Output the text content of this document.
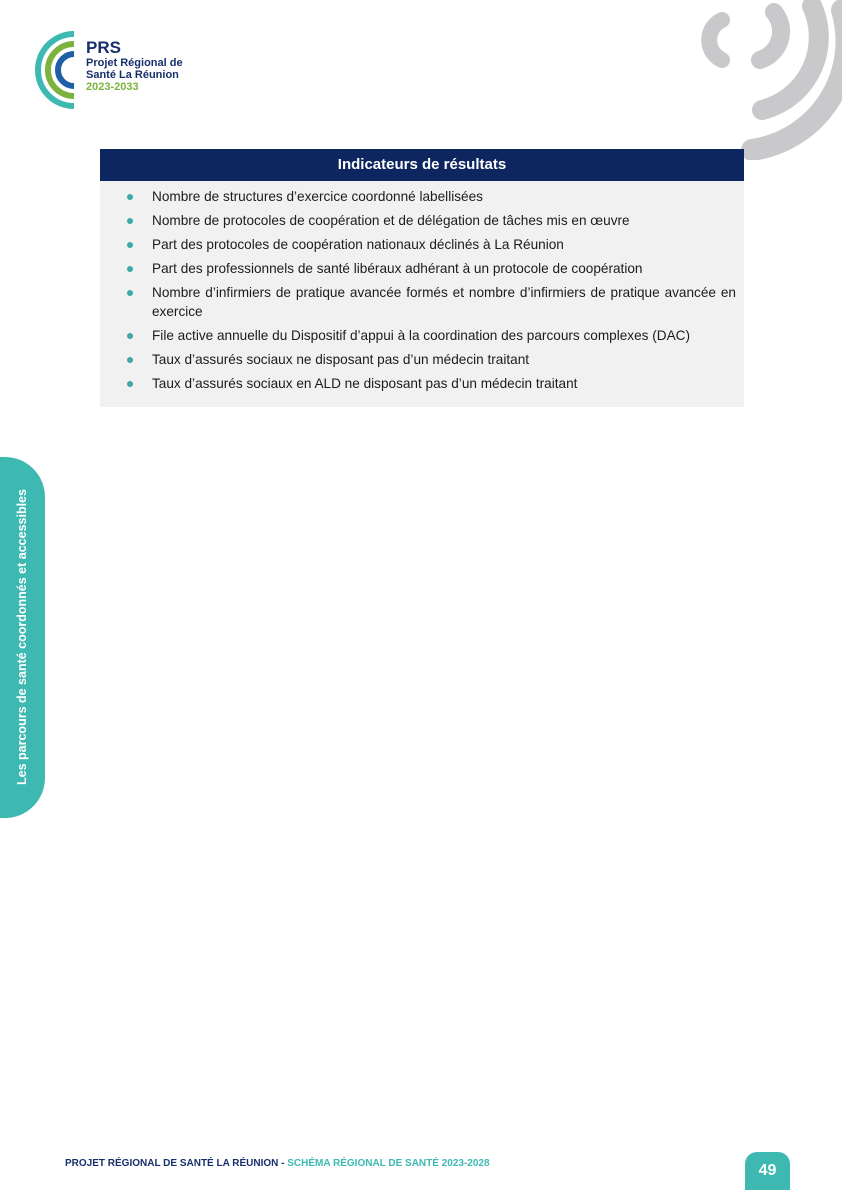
PRS
Projet Régional de
Santé La Réunion
2023-2033
Les parcours de santé coordonnés et accessibles
Indicateurs de résultats
Nombre de structures d’exercice coordonné labellisées
Nombre de protocoles de coopération et de délégation de tâches mis en œuvre
Part des protocoles de coopération nationaux déclinés à La Réunion
Part des professionnels de santé libéraux adhérant à un protocole de coopération
Nombre d’infirmiers de pratique avancée formés et nombre d’infirmiers de pratique avancée en exercice
File active annuelle du Dispositif d’appui à la coordination des parcours complexes (DAC)
Taux d’assurés sociaux ne disposant pas d’un médecin traitant
Taux d’assurés sociaux en ALD ne disposant pas d’un médecin traitant
PROJET RÉGIONAL DE SANTÉ LA RÉUNION - SCHÉMA RÉGIONAL DE SANTÉ 2023-2028	49
